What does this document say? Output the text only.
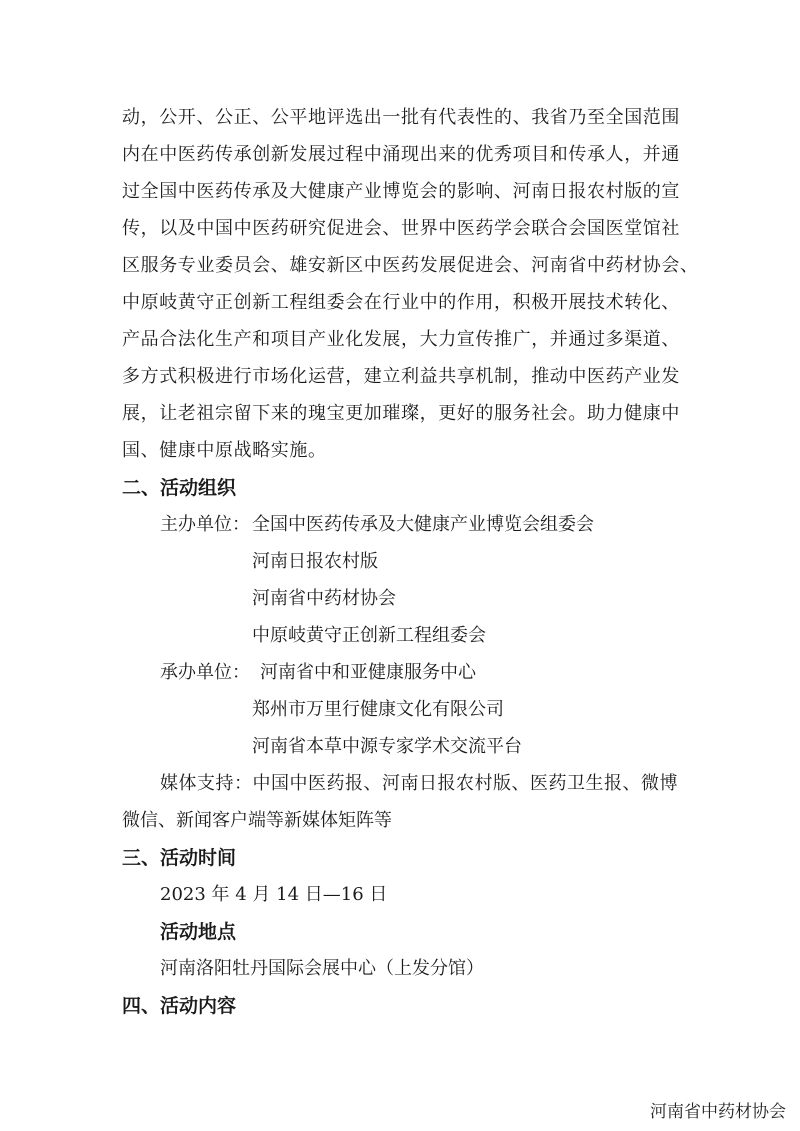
动，公开、公正、公平地评选出一批有代表性的、我省乃至全国范围

内在中医药传承创新发展过程中涌现出来的优秀项目和传承人，并通

过全国中医药传承及大健康产业博览会的影响、河南日报农村版的宣

传，以及中国中医药研究促进会、世界中医药学会联合会国医堂馆社

区服务专业委员会、雄安新区中医药发展促进会、河南省中药材协会、

中原岐黄守正创新工程组委会在行业中的作用，积极开展技术转化、

产品合法化生产和项目产业化发展，大力宣传推广，并通过多渠道、

多方式积极进行市场化运营，建立利益共享机制，推动中医药产业发

展，让老祖宗留下来的瑰宝更加璀璨，更好的服务社会。助力健康中

国、健康中原战略实施。

二、活动组织
主办单位： 全国中医药传承及大健康产业博览会组委会
河南日报农村版
河南省中药材协会
中原岐黄守正创新工程组委会
承办单位： 河南省中和亚健康服务中心
郑州市万里行健康文化有限公司
河南省本草中源专家学术交流平台
媒体支持：中国中医药报、河南日报农村版、医药卫生报、微博
微信、新闻客户端等新媒体矩阵等
三、活动时间
2023 年 4 月 14 日—16 日
活动地点
河南洛阳牡丹国际会展中心（上发分馆）
四、活动内容
河南省中药材协会
